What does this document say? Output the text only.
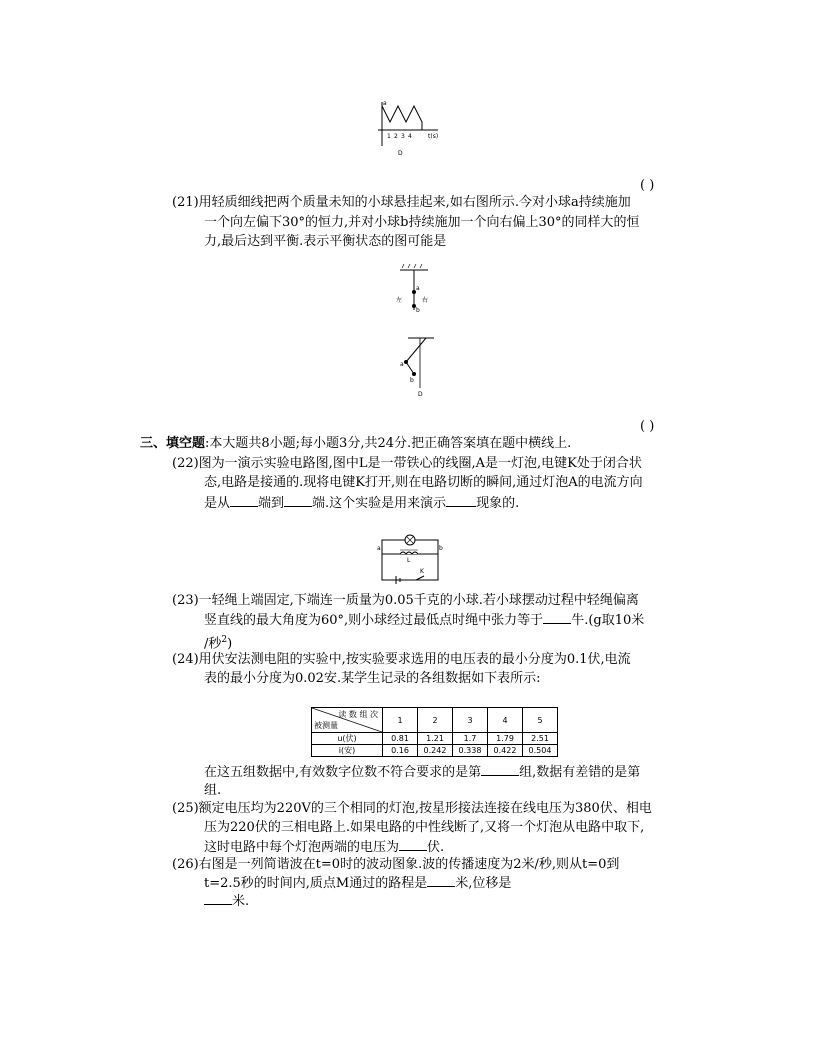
a
1 2 3 4	t(s)
D
( )
(21)用轻质细线把两个质量未知的小球悬挂起来,如右图所示.今对小球a持续施加
一个向左偏下30°的恒力,并对小球b持续施加一个向右偏上30°的同样大的恒
力,最后达到平衡.表示平衡状态的图可能是
a
b
左	右
a
b
D
( )
三、填空题:本大题共8小题;每小题3分,共24分.把正确答案填在题中横线上.
(22)图为一演示实验电路图,图中L是一带铁心的线圈,A是一灯泡,电键K处于闭合状
态,电路是接通的.现将电键K打开,则在电路切断的瞬间,通过灯泡A的电流方向
是从 端到 端.这个实验是用来演示 现象的.
a	b
L
K
(23)一轻绳上端固定,下端连一质量为0.05千克的小球.若小球摆动过程中轻绳偏离
竖直线的最大角度为60°,则小球经过最低点时绳中张力等于 牛.(g取10米
/秒$^2$)
(24)用伏安法测电阻的实验中,按实验要求选用的电压表的最小分度为0.1伏,电流
表的最小分度为0.02安.某学生记录的各组数据如下表所示:
读 数 组 次
被测量	1	2	3	4	5
u(伏)	0.81	1.21	1.7	1.79	2.51
i(安)	0.16	0.242	0.338	0.422	0.504
在这五组数据中,有效数字位数不符合要求的是第	组,数据有差错的是第
组.
(25)额定电压均为220V的三个相同的灯泡,按星形接法连接在线电压为380伏、相电
压为220伏的三相电路上.如果电路的中性线断了,又将一个灯泡从电路中取下,
这时电路中每个灯泡两端的电压为 伏.
(26)右图是一列简谐波在t=0时的波动图象.波的传播速度为2米/秒,则从t=0到
t=2.5秒的时间内,质点M通过的路程是 米,位移是
米.
